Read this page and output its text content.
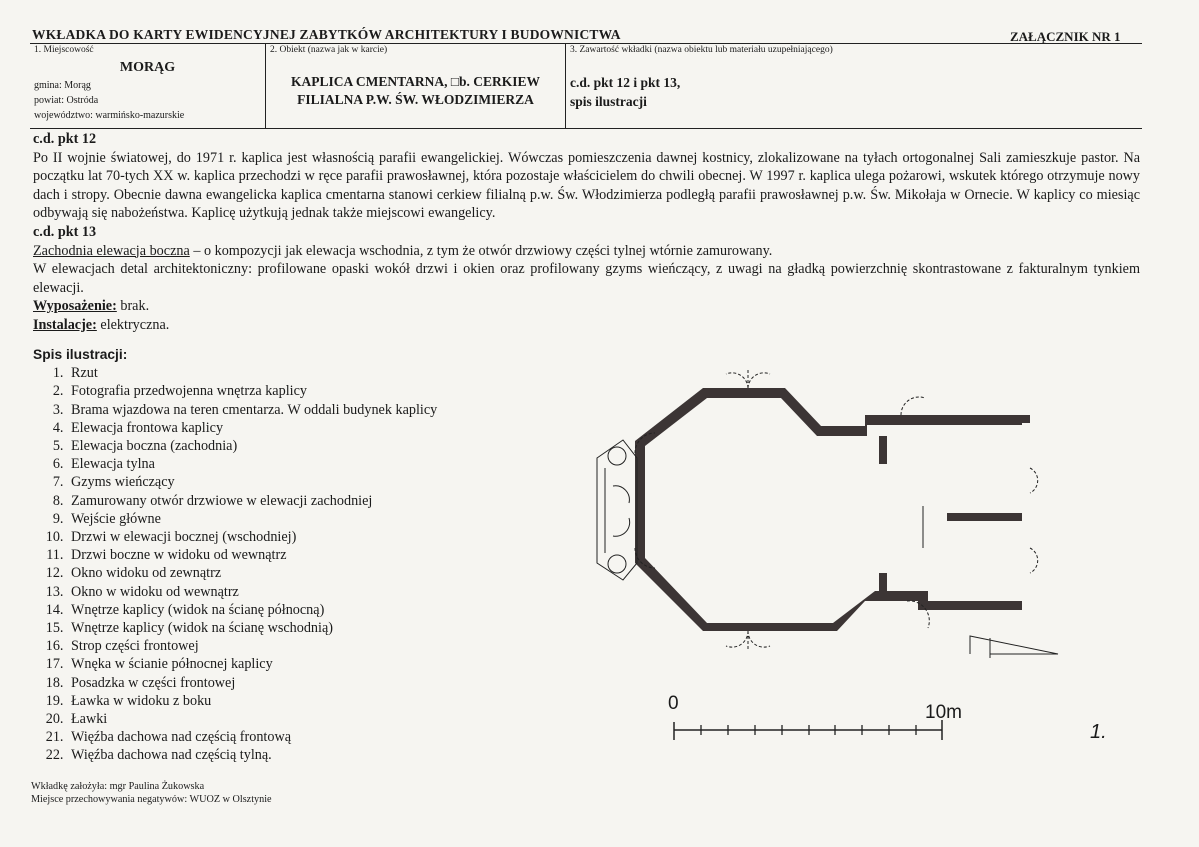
WKŁADKA DO KARTY EWIDENCYJNEJ ZABYTKÓW ARCHITEKTURY I BUDOWNICTWA	ZAŁĄCZNIK NR 1
1. Miejscowość
MORĄG
gmina: Morąg
powiat: Ostróda
województwo: warmińsko-mazurskie
2. Obiekt (nazwa jak w karcie)
KAPLICA CMENTARNA, □b. CERKIEW FILIALNA P.W. ŚW. WŁODZIMIERZA
3. Zawartość wkładki (nazwa obiektu lub materiału uzupełniającego)
c.d. pkt 12 i pkt 13,
spis ilustracji

c.d. pkt 12

Po II wojnie światowej, do 1971 r. kaplica jest własnością parafii ewangelickiej. Wówczas pomieszczenia dawnej kostnicy, zlokalizowane na tyłach ortogonalnej Sali zamieszkuje pastor. Na początku lat 70-tych XX w. kaplica przechodzi w ręce parafii prawosławnej, która pozostaje właścicielem do chwili obecnej. W 1997 r. kaplica ulega pożarowi, wskutek którego otrzymuje nowy dach i stropy. Obecnie dawna ewangelicka kaplica cmentarna stanowi cerkiew filialną p.w. Św. Włodzimierza podległą parafii prawosławnej p.w. Św. Mikołaja w Ornecie. W kaplicy co miesiąc odbywają się nabożeństwa. Kaplicę użytkują jednak także miejscowi ewangelicy.

c.d. pkt 13

Zachodnia elewacja boczna – o kompozycji jak elewacja wschodnia, z tym że otwór drzwiowy części tylnej wtórnie zamurowany.

W elewacjach detal architektoniczny: profilowane opaski wokół drzwi i okien oraz profilowany gzyms wieńczący, z uwagi na gładką powierzchnię skontrastowane z fakturalnym tynkiem elewacji.

Wyposażenie: brak.

Instalacje: elektryczna.

Spis ilustracji:
1. Rzut
2. Fotografia przedwojenna wnętrza kaplicy
3. Brama wjazdowa na teren cmentarza. W oddali budynek kaplicy
4. Elewacja frontowa kaplicy
5. Elewacja boczna (zachodnia)
6. Elewacja tylna
7. Gzyms wieńczący
8. Zamurowany otwór drzwiowe w elewacji zachodniej
9. Wejście główne
10. Drzwi w elewacji bocznej (wschodniej)
11. Drzwi boczne w widoku od wewnątrz
12. Okno widoku od zewnątrz
13. Okno w widoku od wewnątrz
14. Wnętrze kaplicy (widok na ścianę północną)
15. Wnętrze kaplicy (widok na ścianę wschodnią)
16. Strop części frontowej
17. Wnęka w ścianie północnej kaplicy
18. Posadzka w części frontowej
19. Ławka w widoku z boku
20. Ławki
21. Więźba dachowa nad częścią frontową
22. Więźba dachowa nad częścią tylną.
Wkładkę założyła: mgr Paulina Żukowska
Miejsce przechowywania negatywów: WUOZ w Olsztynie
0	10m
1.
